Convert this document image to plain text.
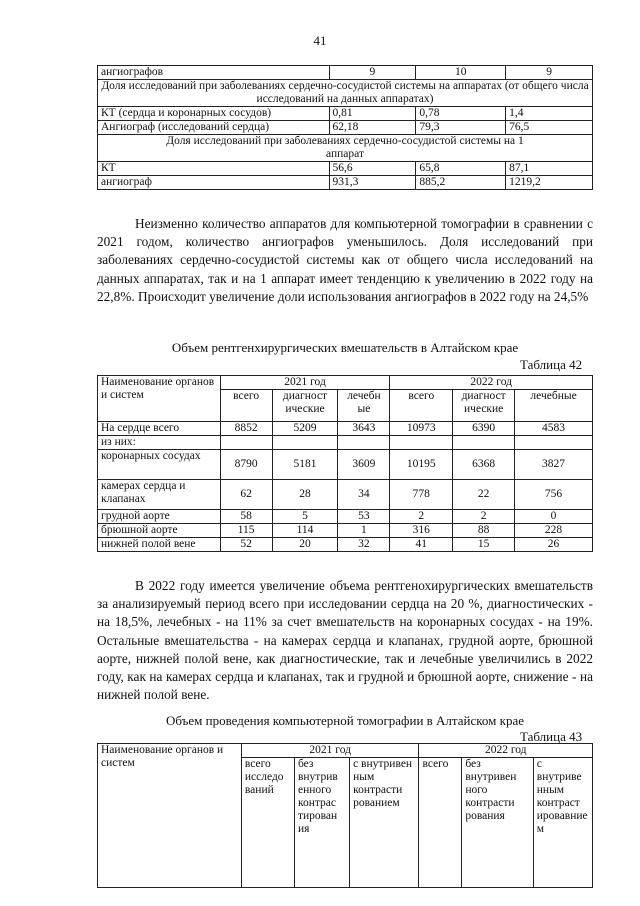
41
ангиографов	9	10	9
Доля исследований при заболеваниях сердечно-сосудистой системы на аппаратах (от общего числа исследований на данных аппаратах)			
КТ (сердца и коронарных сосудов)	0,81	0,78	1,4
Ангиограф (исследований сердца)	62,18	79,3	76,5
Доля исследований при заболеваниях сердечно-сосудистой системы на 1 аппарат			
КТ	56,6	65,8	87,1
ангиограф	931,3	885,2	1219,2

Неизменно количество аппаратов для компьютерной томографии в сравнении с 2021 годом, количество ангиографов уменьшилось. Доля исследований при заболеваниях сердечно-сосудистой системы как от общего числа исследований на данных аппаратах, так и на 1 аппарат имеет тенденцию к увеличению в 2022 году на 22,8%. Происходит увеличение доли использования ангиографов в 2022 году на 24,5%

Объем рентгенхирургических вмешательств в Алтайском крае
Таблица 42
Наименование органов и систем	2021 год			2022 год		
	всего	диагност ические	лечебн ые	всего	диагност ические	лечебные
На сердце всего	8852	5209	3643	10973	6390	4583
из них:						
коронарных сосудах	8790	5181	3609	10195	6368	3827
камерах сердца и клапанах	62	28	34	778	22	756
грудной аорте	58	5	53	2	2	0
брюшной аорте	115	114	1	316	88	228
нижней полой вене	52	20	32	41	15	26

В 2022 году имеется увеличение объема рентгенохирургических вмешательств за анализируемый период всего при исследовании сердца на 20 %, диагностических - на 18,5%, лечебных - на 11% за счет вмешательств на коронарных сосудах - на 19%. Остальные вмешательства - на камерах сердца и клапанах, грудной аорте, брюшной аорте, нижней полой вене, как диагностические, так и лечебные увеличились в 2022 году, как на камерах сердца и клапанах, так и грудной и брюшной аорте, снижение - на нижней полой вене.

Объем проведения компьютерной томографии в Алтайском крае
Таблица 43
Наименование органов и систем	2021 год			2022 год		
	всего исследо ваний	без внутрив енного контрас тирован ия	с внутривен ным контрасти рованием	всего	без внутривен ного контрасти рования	с внутриве нным контраст ировавние м
